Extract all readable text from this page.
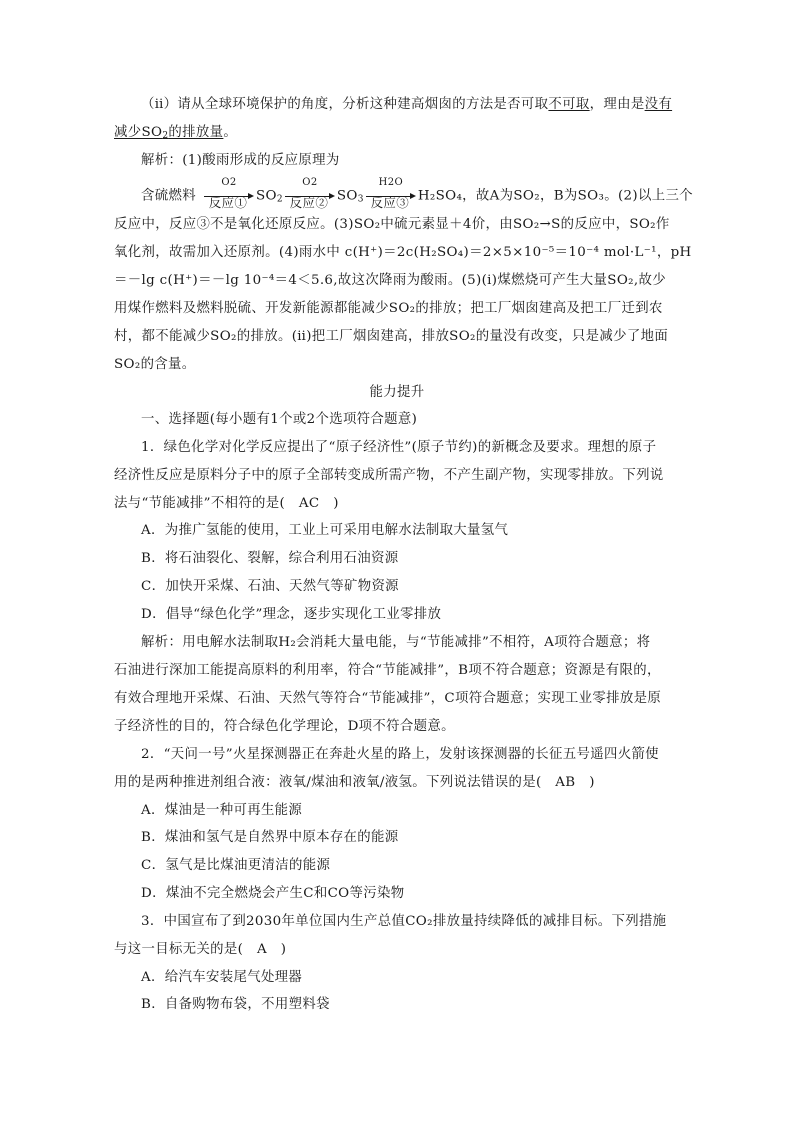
（ⅱ）请从全球环境保护的角度，分析这种建高烟囱的方法是否可取不可取，理由是没有
减少$SO_2$的排放量。
解析：(1)酸雨形成的反应原理为
含硫燃料
O2
反应① $SO_2$
O2
反应② $SO_3$
H2O
反应③ H₂SO₄，故A为SO₂，B为SO₃。(2)以上三个
反应中，反应③不是氧化还原反应。(3)SO₂中硫元素显＋4价，由SO₂→S的反应中，SO₂作
氧化剂，故需加入还原剂。(4)雨水中 c(H⁺)＝2c(H₂SO₄)＝2×5×10⁻⁵＝10⁻⁴ mol·L⁻¹，pH
＝－lg c(H⁺)＝－lg 10⁻⁴＝4＜5.6,故这次降雨为酸雨。(5)(ⅰ)煤燃烧可产生大量SO₂,故少
用煤作燃料及燃料脱硫、开发新能源都能减少SO₂的排放；把工厂烟囱建高及把工厂迁到农
村，都不能减少SO₂的排放。(ⅱ)把工厂烟囱建高，排放SO₂的量没有改变，只是减少了地面
SO₂的含量。
能力提升
一、选择题(每小题有1个或2个选项符合题意)
1．绿色化学对化学反应提出了“原子经济性”(原子节约)的新概念及要求。理想的原子
经济性反应是原料分子中的原子全部转变成所需产物，不产生副产物，实现零排放。下列说
法与“节能减排”不相符的是(　AC　)
A．为推广氢能的使用，工业上可采用电解水法制取大量氢气
B．将石油裂化、裂解，综合利用石油资源
C．加快开采煤、石油、天然气等矿物资源
D．倡导“绿色化学”理念，逐步实现化工业零排放
解析：用电解水法制取H₂会消耗大量电能，与“节能减排”不相符，A项符合题意；将
石油进行深加工能提高原料的利用率，符合“节能减排”，B项不符合题意；资源是有限的，
有效合理地开采煤、石油、天然气等符合“节能减排”，C项符合题意；实现工业零排放是原
子经济性的目的，符合绿色化学理论，D项不符合题意。
2．“天问一号”火星探测器正在奔赴火星的路上，发射该探测器的长征五号遥四火箭使
用的是两种推进剂组合液：液氧/煤油和液氧/液氢。下列说法错误的是(　AB　)
A．煤油是一种可再生能源
B．煤油和氢气是自然界中原本存在的能源
C．氢气是比煤油更清洁的能源
D．煤油不完全燃烧会产生C和CO等污染物
3．中国宣布了到2030年单位国内生产总值CO₂排放量持续降低的减排目标。下列措施
与这一目标无关的是(　A　)
A．给汽车安装尾气处理器
B．自备购物布袋，不用塑料袋
